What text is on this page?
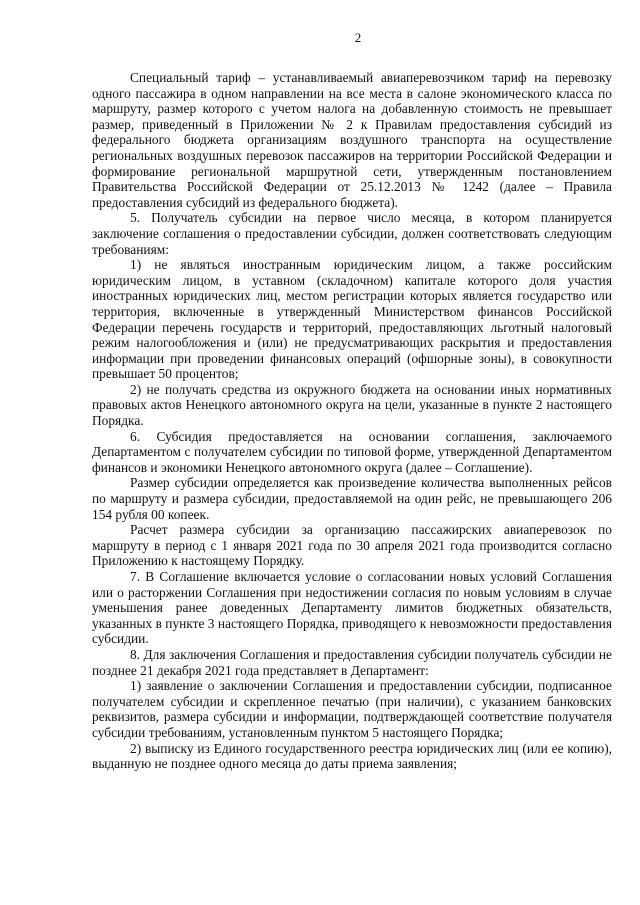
2

Специальный тариф – устанавливаемый авиаперевозчиком тариф на перевозку одного пассажира в одном направлении на все места в салоне экономического класса по маршруту, размер которого с учетом налога на добавленную стоимость не превышает размер, приведенный в Приложении № 2 к Правилам предоставления субсидий из федерального бюджета организациям воздушного транспорта на осуществление региональных воздушных перевозок пассажиров на территории Российской Федерации и формирование региональной маршрутной сети, утвержденным постановлением Правительства Российской Федерации от 25.12.2013 № 1242 (далее – Правила предоставления субсидий из федерального бюджета).

5. Получатель субсидии на первое число месяца, в котором планируется заключение соглашения о предоставлении субсидии, должен соответствовать следующим требованиям:

1) не являться иностранным юридическим лицом, а также российским юридическим лицом, в уставном (складочном) капитале которого доля участия иностранных юридических лиц, местом регистрации которых является государство или территория, включенные в утвержденный Министерством финансов Российской Федерации перечень государств и территорий, предоставляющих льготный налоговый режим налогообложения и (или) не предусматривающих раскрытия и предоставления информации при проведении финансовых операций (офшорные зоны), в совокупности превышает 50 процентов;

2) не получать средства из окружного бюджета на основании иных нормативных правовых актов Ненецкого автономного округа на цели, указанные в пункте 2 настоящего Порядка.

6. Субсидия предоставляется на основании соглашения, заключаемого Департаментом с получателем субсидии по типовой форме, утвержденной Департаментом финансов и экономики Ненецкого автономного округа (далее – Соглашение).

Размер субсидии определяется как произведение количества выполненных рейсов по маршруту и размера субсидии, предоставляемой на один рейс, не превышающего 206 154 рубля 00 копеек.

Расчет размера субсидии за организацию пассажирских авиаперевозок по маршруту в период с 1 января 2021 года по 30 апреля 2021 года производится согласно Приложению к настоящему Порядку.

7. В Соглашение включается условие о согласовании новых условий Соглашения или о расторжении Соглашения при недостижении согласия по новым условиям в случае уменьшения ранее доведенных Департаменту лимитов бюджетных обязательств, указанных в пункте 3 настоящего Порядка, приводящего к невозможности предоставления субсидии.

8. Для заключения Соглашения и предоставления субсидии получатель субсидии не позднее 21 декабря 2021 года представляет в Департамент:

1) заявление о заключении Соглашения и предоставлении субсидии, подписанное получателем субсидии и скрепленное печатью (при наличии), с указанием банковских реквизитов, размера субсидии и информации, подтверждающей соответствие получателя субсидии требованиям, установленным пунктом 5 настоящего Порядка;

2) выписку из Единого государственного реестра юридических лиц (или ее копию), выданную не позднее одного месяца до даты приема заявления;
